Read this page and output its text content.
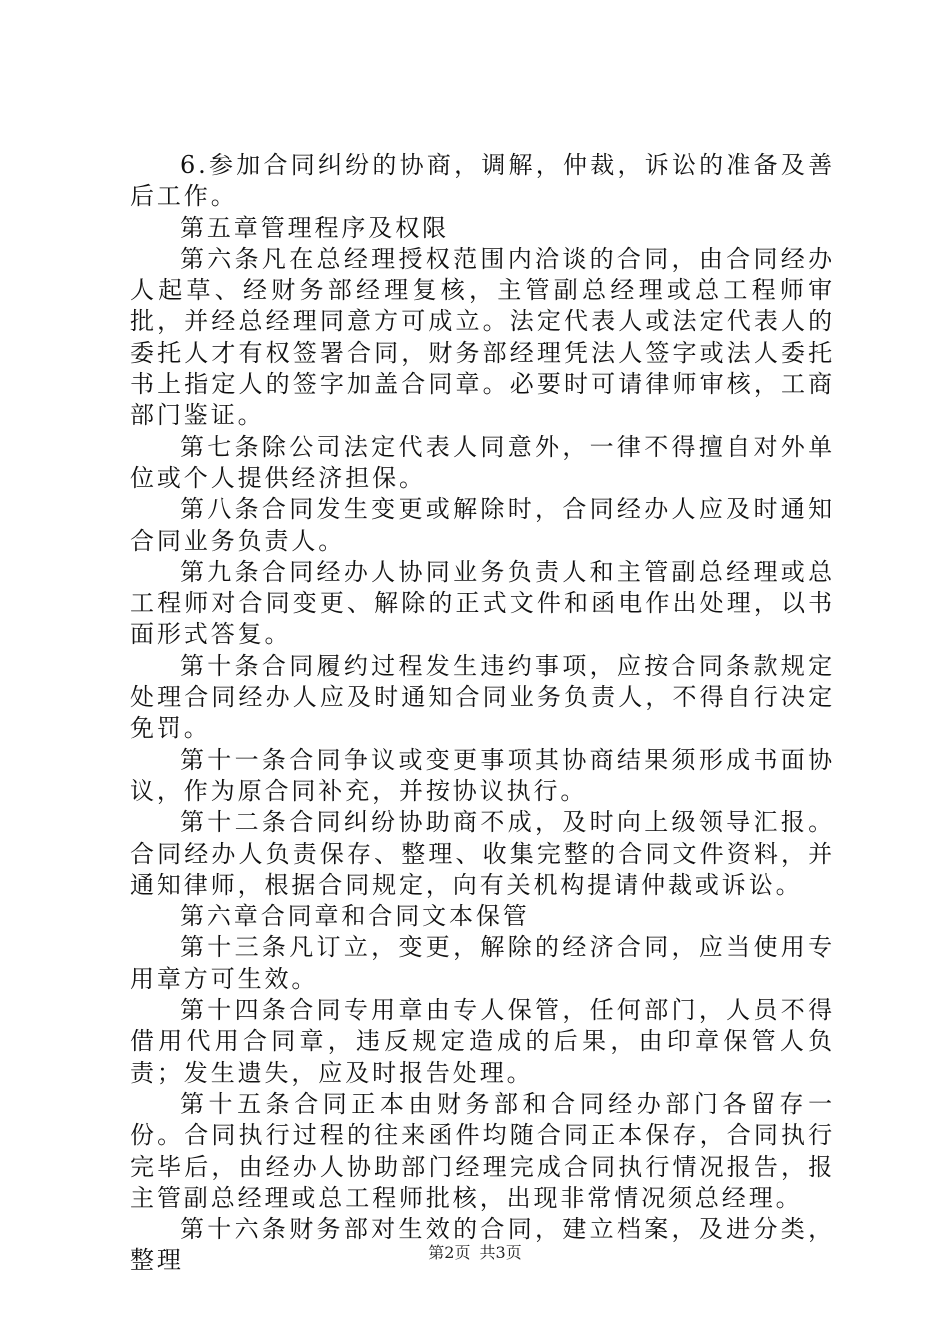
6.参加合同纠纷的协商，调解，仲裁，诉讼的准备及善后工作。

第五章管理程序及权限

第六条凡在总经理授权范围内洽谈的合同，由合同经办人起草、经财务部经理复核，主管副总经理或总工程师审批，并经总经理同意方可成立。法定代表人或法定代表人的委托人才有权签署合同，财务部经理凭法人签字或法人委托书上指定人的签字加盖合同章。必要时可请律师审核，工商部门鉴证。

第七条除公司法定代表人同意外，一律不得擅自对外单位或个人提供经济担保。

第八条合同发生变更或解除时，合同经办人应及时通知合同业务负责人。

第九条合同经办人协同业务负责人和主管副总经理或总工程师对合同变更、解除的正式文件和函电作出处理，以书面形式答复。

第十条合同履约过程发生违约事项，应按合同条款规定处理合同经办人应及时通知合同业务负责人，不得自行决定免罚。

第十一条合同争议或变更事项其协商结果须形成书面协议，作为原合同补充，并按协议执行。

第十二条合同纠纷协助商不成，及时向上级领导汇报。合同经办人负责保存、整理、收集完整的合同文件资料，并通知律师，根据合同规定，向有关机构提请仲裁或诉讼。

第六章合同章和合同文本保管

第十三条凡订立，变更，解除的经济合同，应当使用专用章方可生效。

第十四条合同专用章由专人保管，任何部门，人员不得借用代用合同章，违反规定造成的后果，由印章保管人负责；发生遗失，应及时报告处理。

第十五条合同正本由财务部和合同经办部门各留存一份。合同执行过程的往来函件均随合同正本保存，合同执行完毕后，由经办人协助部门经理完成合同执行情况报告，报主管副总经理或总工程师批核，出现非常情况须总经理。

第十六条财务部对生效的合同，建立档案，及进分类，整理	第2页 共3页
